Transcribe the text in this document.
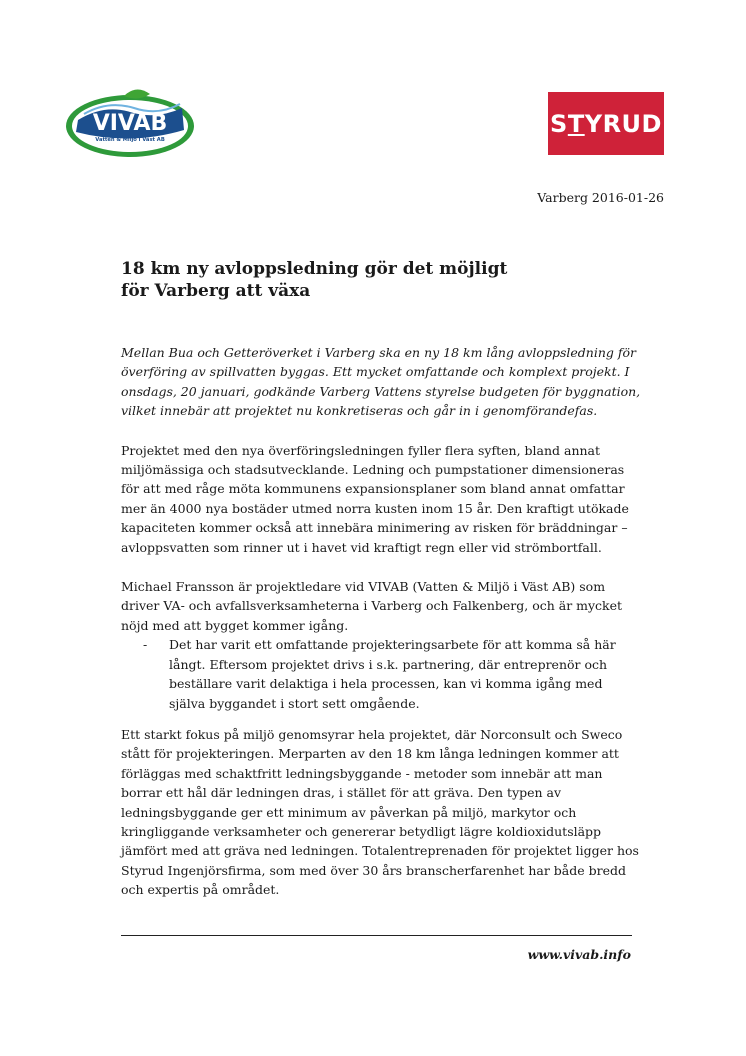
VIVAB
Vatten & Miljö i Väst AB
S T YRUD
Varberg 2016-01-26
18 km ny avloppsledning gör det möjligt
för Varberg att växa

Mellan Bua och Getteröverket i Varberg ska en ny 18 km lång avloppsledning för överföring av spillvatten byggas. Ett mycket omfattande och komplext projekt. I onsdags, 20 januari, godkände Varberg Vattens styrelse budgeten för byggnation, vilket innebär att projektet nu konkretiseras och går in i genomförandefas.

Projektet med den nya överföringsledningen fyller flera syften, bland annat miljömässiga och stadsutvecklande. Ledning och pumpstationer dimensioneras för att med råge möta kommunens expansionsplaner som bland annat omfattar mer än 4000 nya bostäder utmed norra kusten inom 15 år. Den kraftigt utökade kapaciteten kommer också att innebära minimering av risken för bräddningar – avloppsvatten som rinner ut i havet vid kraftigt regn eller vid strömbortfall.

Michael Fransson är projektledare vid VIVAB (Vatten & Miljö i Väst AB) som driver VA- och avfallsverksamheterna i Varberg och Falkenberg, och är mycket nöjd med att bygget kommer igång.

-	Det har varit ett omfattande projekteringsarbete för att komma så här långt. Eftersom projektet drivs i s.k. partnering, där entreprenör och beställare varit delaktiga i hela processen, kan vi komma igång med själva byggandet i stort sett omgående.

Ett starkt fokus på miljö genomsyrar hela projektet, där Norconsult och Sweco stått för projekteringen. Merparten av den 18 km långa ledningen kommer att förläggas med schaktfritt ledningsbyggande - metoder som innebär att man borrar ett hål där ledningen dras, i stället för att gräva. Den typen av ledningsbyggande ger ett minimum av påverkan på miljö, markytor och kringliggande verksamheter och genererar betydligt lägre koldioxidutsläpp jämfört med att gräva ned ledningen. Totalentreprenaden för projektet ligger hos Styrud Ingenjörsfirma, som med över 30 års branscherfarenhet har både bredd och expertis på området.

www.vivab.info
